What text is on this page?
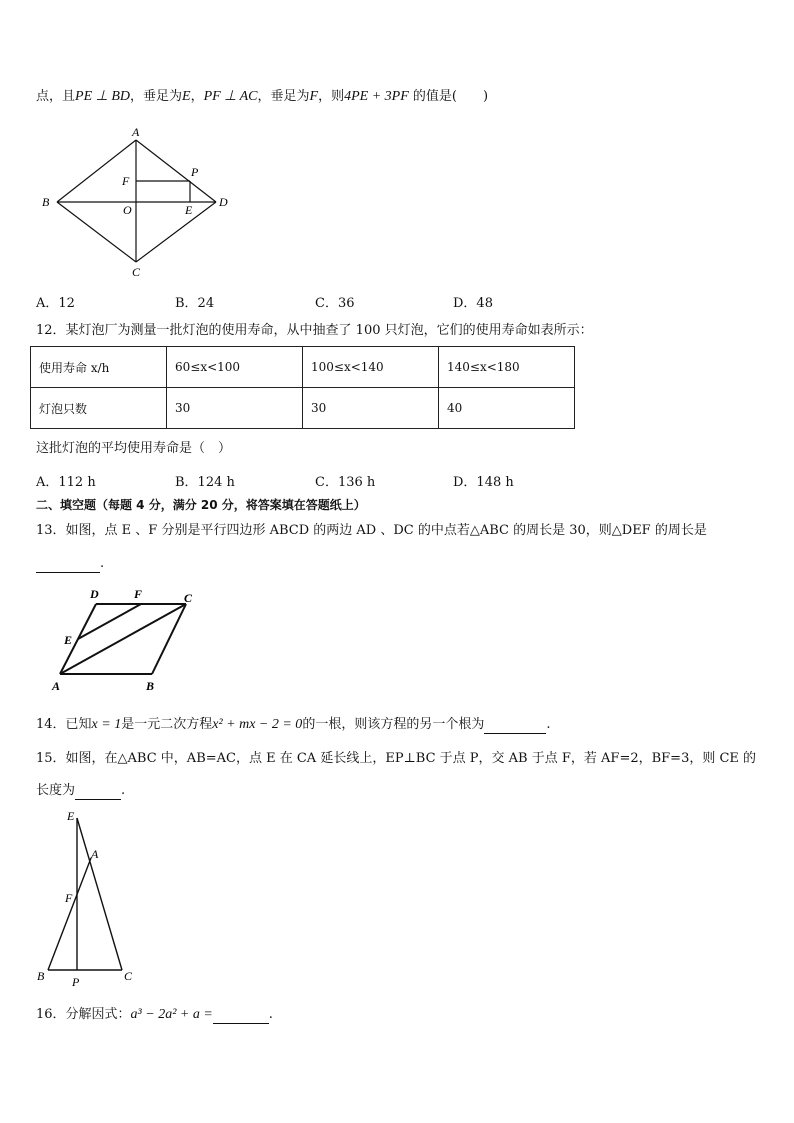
点，且PE ⊥ BD，垂足为E，PF ⊥ AC，垂足为F，则4PE + 3PF 的值是(　　)
A
B
C
D
O	E
F
P
A．12	B．24	C．36	D．48
12．某灯泡厂为测量一批灯泡的使用寿命，从中抽查了 100 只灯泡，它们的使用寿命如表所示：
使用寿命 x/h	60≤x<100	100≤x<140	140≤x<180
灯泡只数	30	30	40
这批灯泡的平均使用寿命是（　）
A．112 h	B．124 h	C．136 h	D．148 h
二、填空题（每题 4 分，满分 20 分，将答案填在答题纸上）
13．如图，点 E 、F 分别是平行四边形 ABCD 的两边 AD 、DC 的中点若△ABC 的周长是 30，则△DEF 的周长是
.
A	B
C
D
E
F
14．已知x = 1是一元二次方程x² + mx − 2 = 0的一根，则该方程的另一个根为	.
15．如图，在△ABC 中，AB=AC，点 E 在 CA 延长线上，EP⊥BC 于点 P，交 AB 于点 F，若 AF=2，BF=3，则 CE 的
长度为	.
E
A
F
B P	C
16．分解因式：a³ − 2a² + a =	.
